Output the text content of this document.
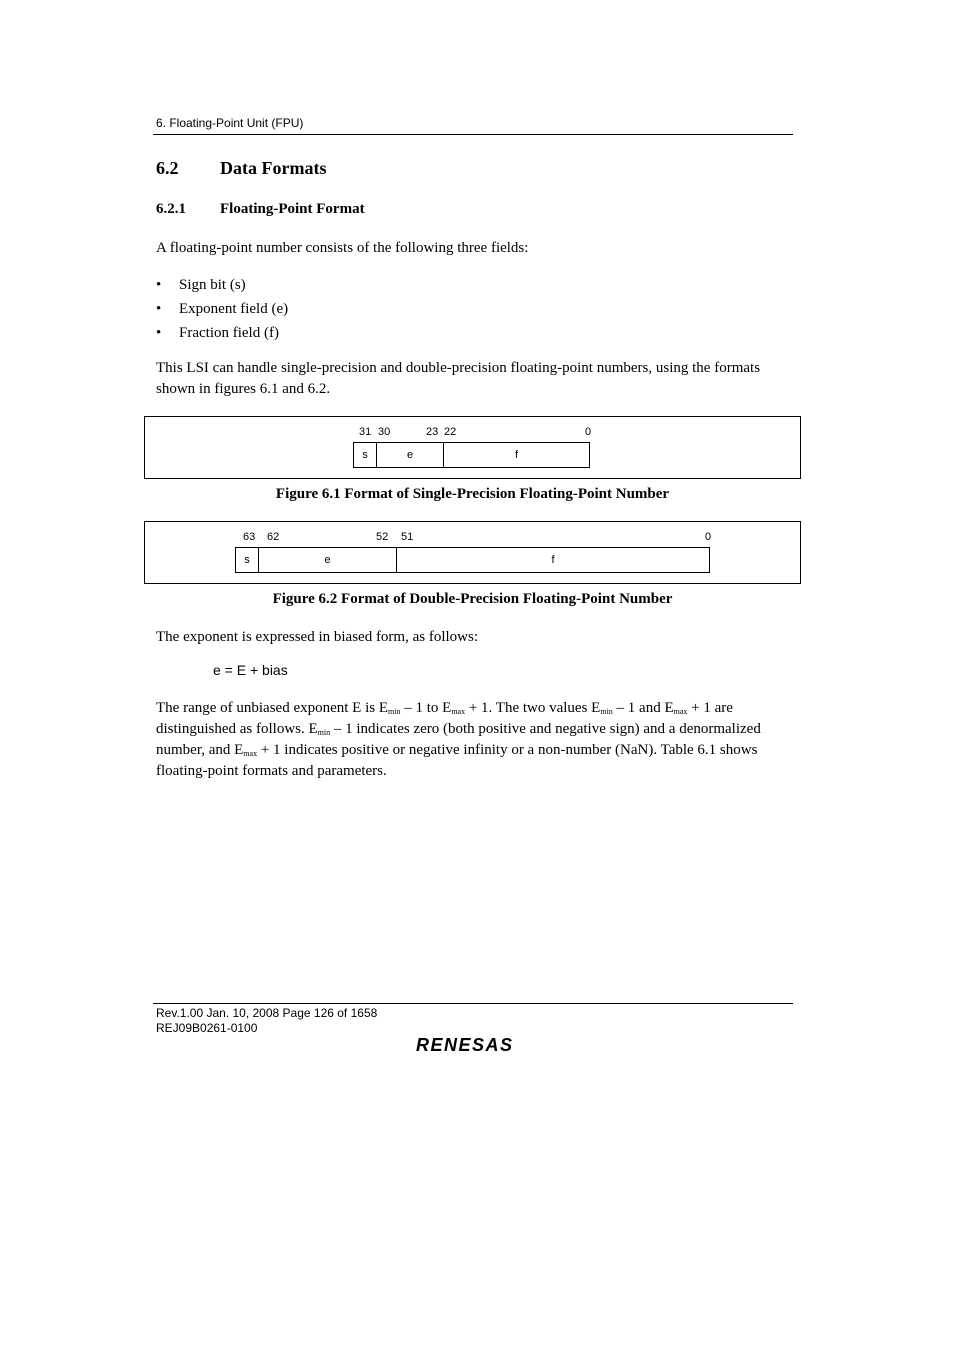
6. Floating-Point Unit (FPU)
6.2 Data Formats
6.2.1 Floating-Point Format
A floating-point number consists of the following three fields:
• Sign bit (s)
• Exponent field (e)
• Fraction field (f)
This LSI can handle single-precision and double-precision floating-point numbers, using the formats shown in figures 6.1 and 6.2.
31 30	23 22	0
s	e	f
Figure 6.1 Format of Single-Precision Floating-Point Number
63 62	52 51	0
s	e	f
Figure 6.2 Format of Double-Precision Floating-Point Number
The exponent is expressed in biased form, as follows:
e = E + bias
The range of unbiased exponent E is $E_{min} - 1$ to $E_{max} + 1$. The two values $E_{min} - 1$ and $E_{max} + 1$ are distinguished as follows. $E_{min} - 1$ indicates zero (both positive and negative sign) and a denormalized number, and $E_{max} + 1$ indicates positive or negative infinity or a non-number (NaN). Table 6.1 shows floating-point formats and parameters.
Rev.1.00 Jan. 10, 2008 Page 126 of 1658
REJ09B0261-0100
RENESAS
